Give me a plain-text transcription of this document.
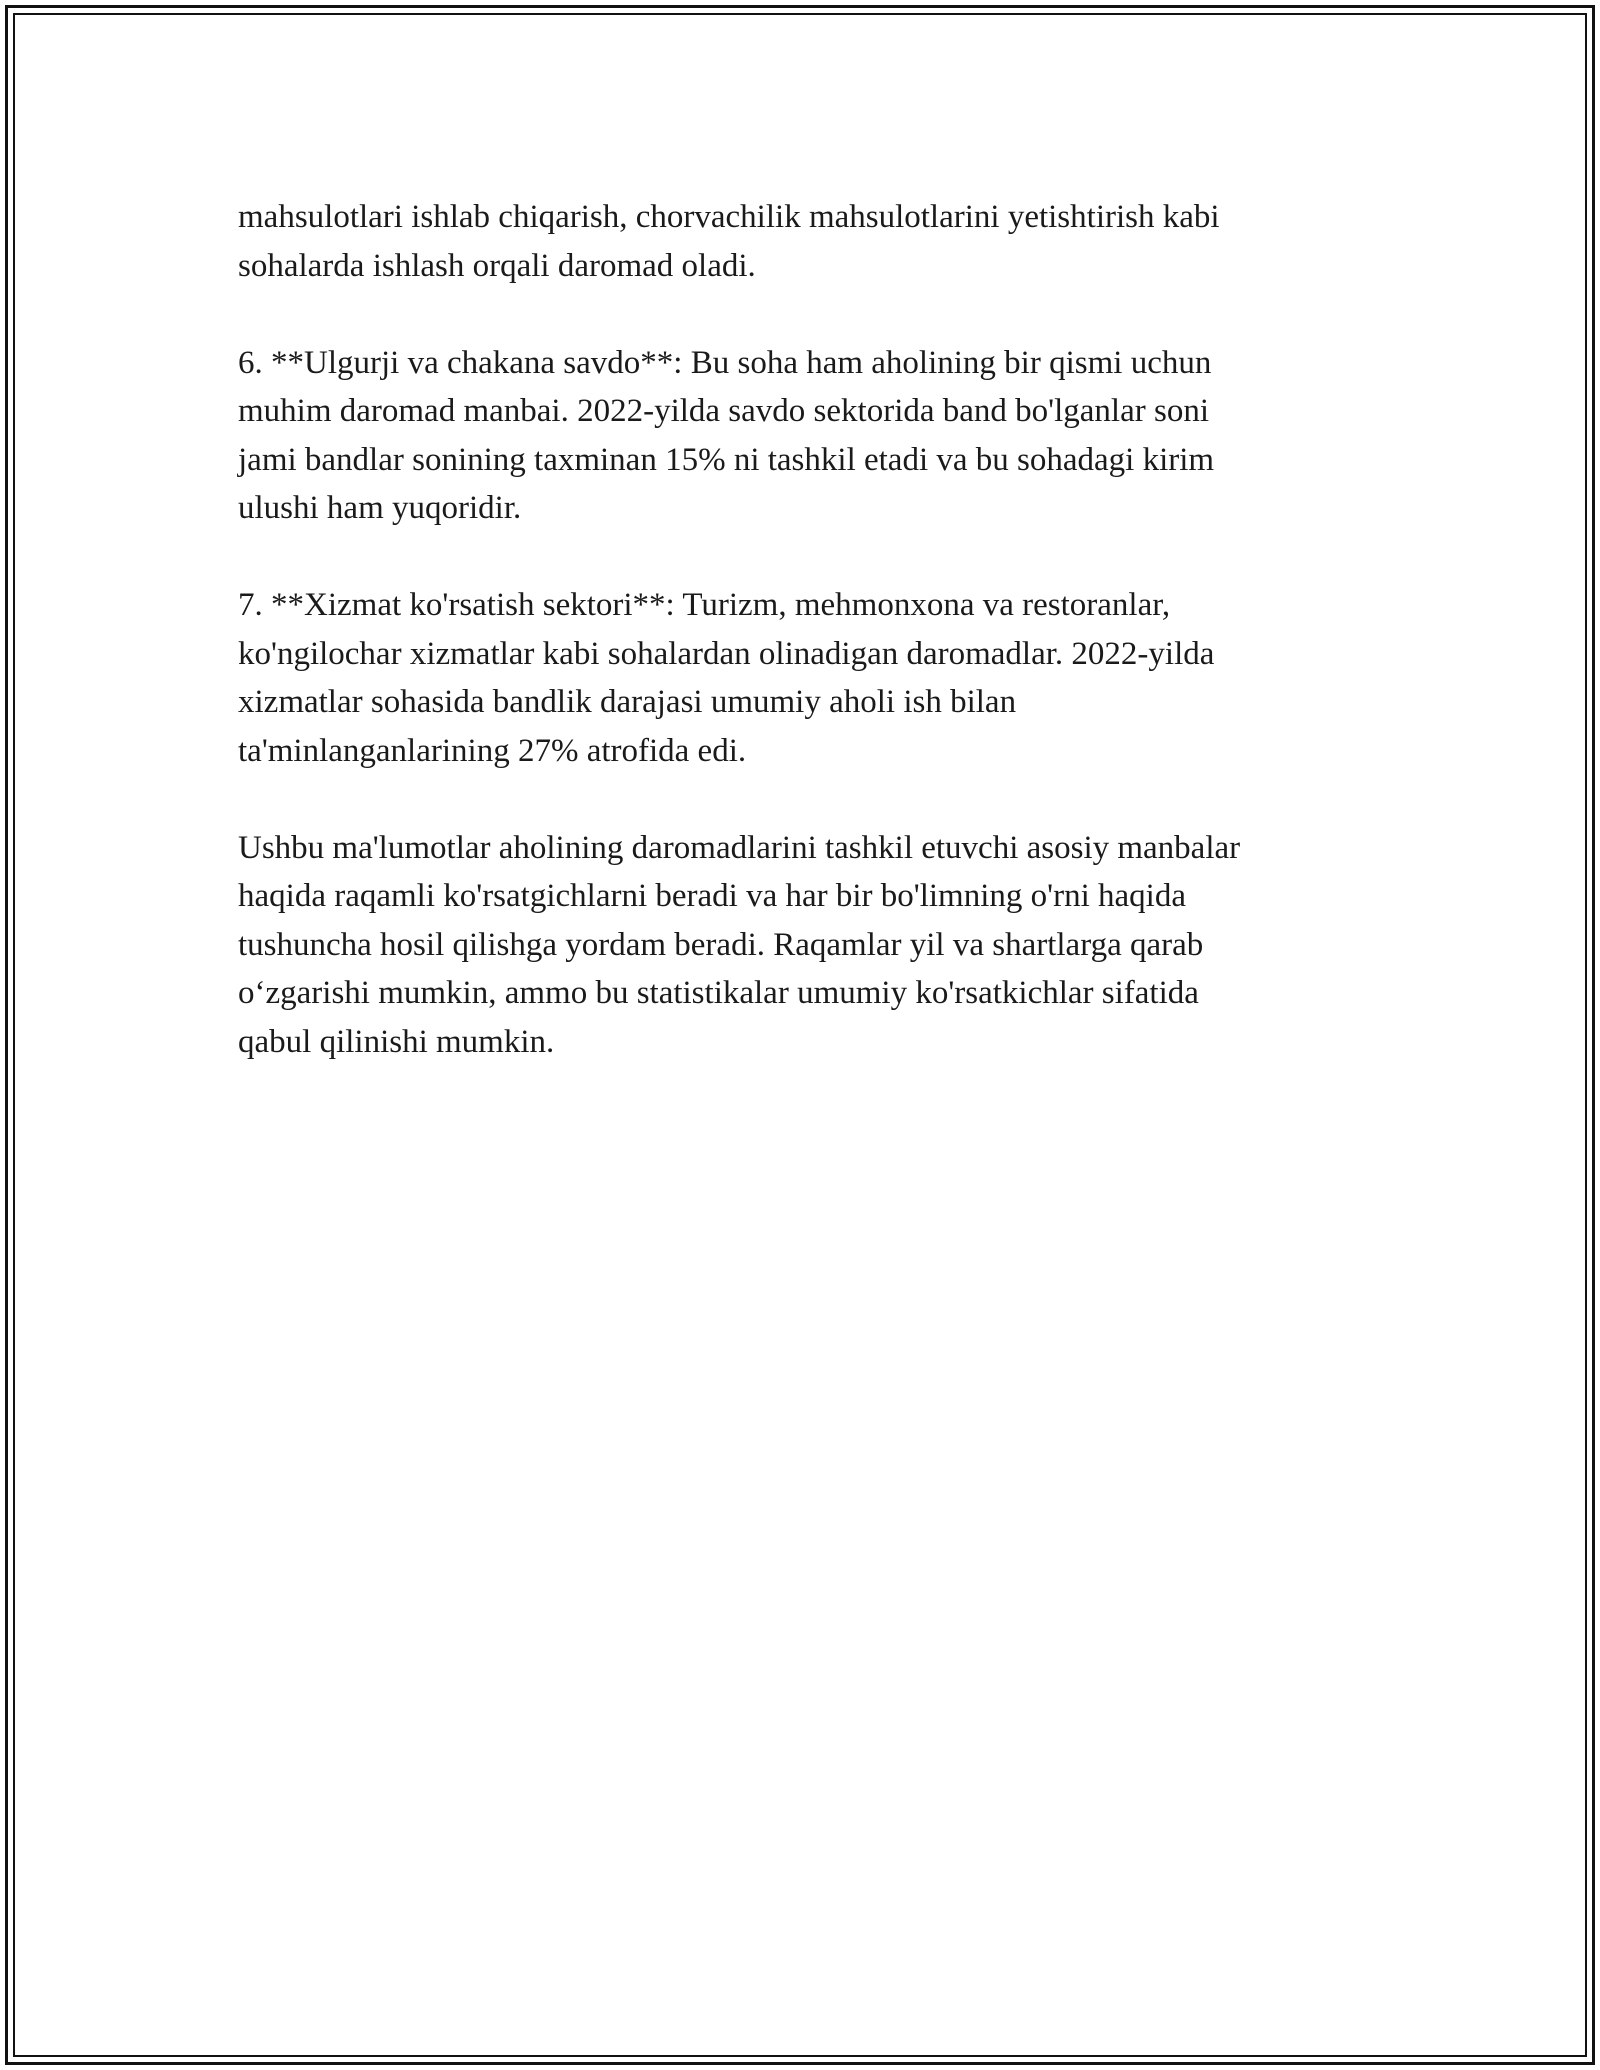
mahsulotlari ishlab chiqarish, chorvachilik mahsulotlarini yetishtirish kabi
sohalarda ishlash orqali daromad oladi.

6. **Ulgurji va chakana savdo**: Bu soha ham aholining bir qismi uchun
muhim daromad manbai. 2022-yilda savdo sektorida band bo'lganlar soni
jami bandlar sonining taxminan 15% ni tashkil etadi va bu sohadagi kirim
ulushi ham yuqoridir.

7. **Xizmat ko'rsatish sektori**: Turizm, mehmonxona va restoranlar,
ko'ngilochar xizmatlar kabi sohalardan olinadigan daromadlar. 2022-yilda
xizmatlar sohasida bandlik darajasi umumiy aholi ish bilan
ta'minlanganlarining 27% atrofida edi.

Ushbu ma'lumotlar aholining daromadlarini tashkil etuvchi asosiy manbalar
haqida raqamli ko'rsatgichlarni beradi va har bir bo'limning o'rni haqida
tushuncha hosil qilishga yordam beradi. Raqamlar yil va shartlarga qarab
o‘zgarishi mumkin, ammo bu statistikalar umumiy ko'rsatkichlar sifatida
qabul qilinishi mumkin.
